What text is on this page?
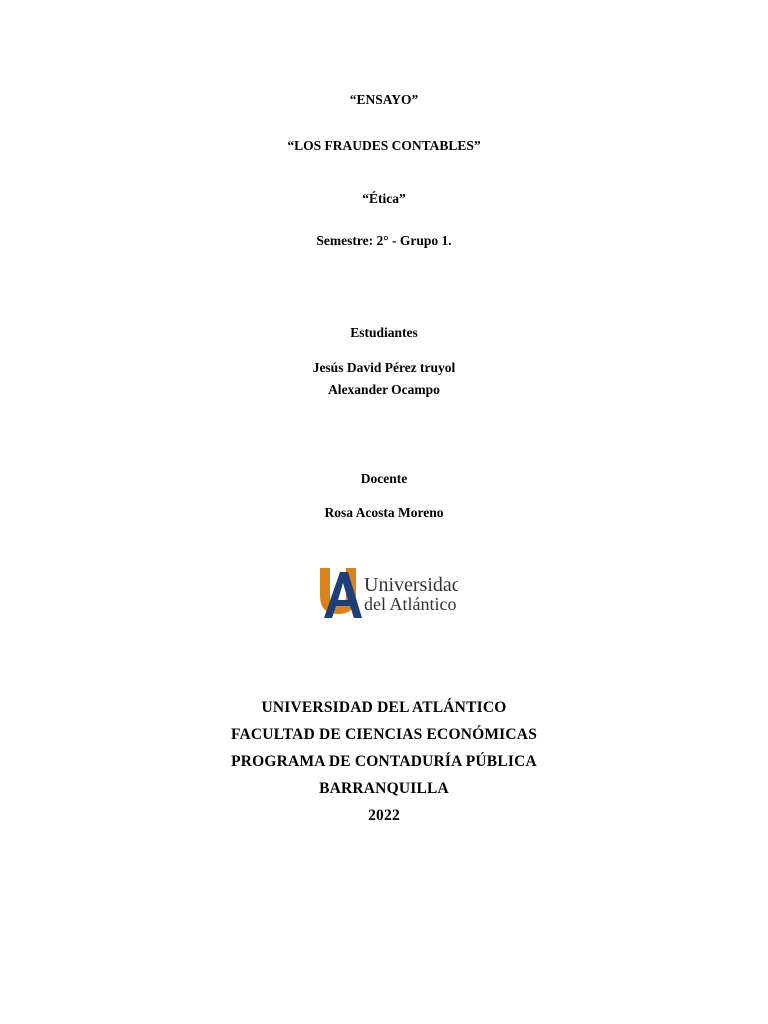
“ENSAYO”
“LOS FRAUDES CONTABLES”
“Ética”
Semestre: 2° - Grupo 1.
Estudiantes
Jesús David Pérez truyol
Alexander Ocampo
Docente
Rosa Acosta Moreno
Universidad
del Atlántico
UNIVERSIDAD DEL ATLÁNTICO
FACULTAD DE CIENCIAS ECONÓMICAS
PROGRAMA DE CONTADURÍA PÚBLICA
BARRANQUILLA
2022
